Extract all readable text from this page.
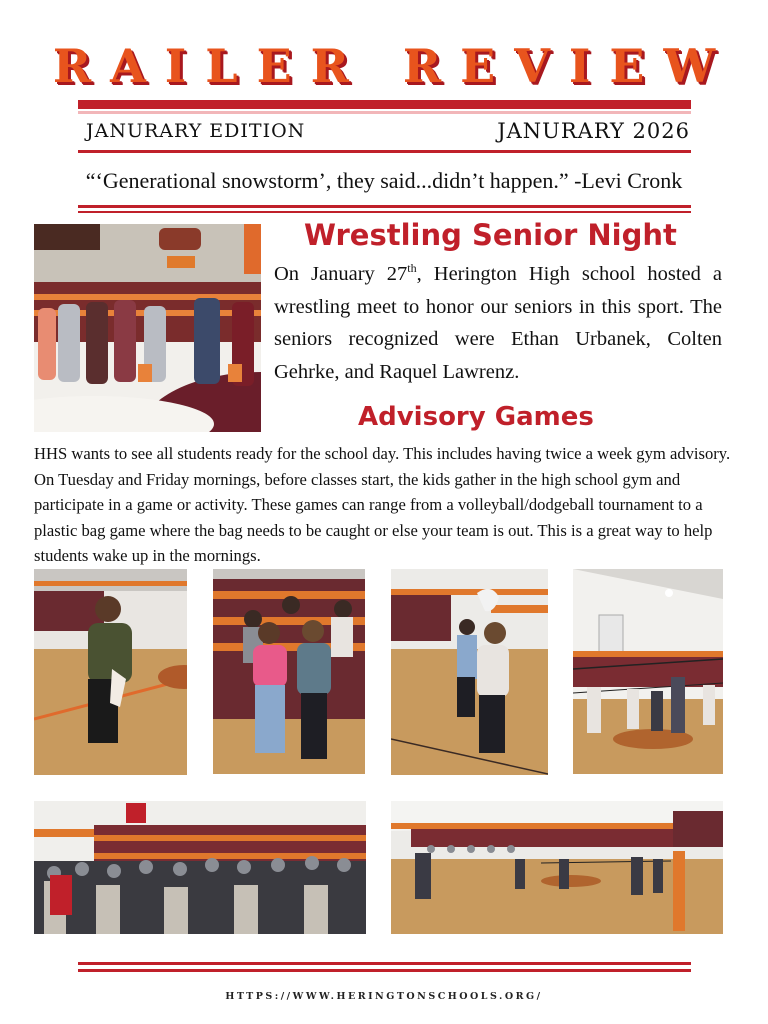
RAILER REVIEW
JANURARY EDITION	JANURARY 2026
“‘Generational snowstorm’, they said...didn’t happen.” -Levi Cronk
Wrestling Senior Night
On January 27th, Herington High school hosted a wrestling meet to honor our seniors in this sport. The seniors recognized were Ethan Urbanek, Colten Gehrke, and Raquel Lawrenz.
Advisory Games
HHS wants to see all students ready for the school day. This includes having twice a week gym advisory. On Tuesday and Friday mornings, before classes start, the kids gather in the high school gym and participate in a game or activity. These games can range from a volleyball/dodgeball tournament to a plastic bag game where the bag needs to be caught or else your team is out. This is a great way to help students wake up in the mornings.
HTTPS://WWW.HERINGTONSCHOOLS.ORG/
